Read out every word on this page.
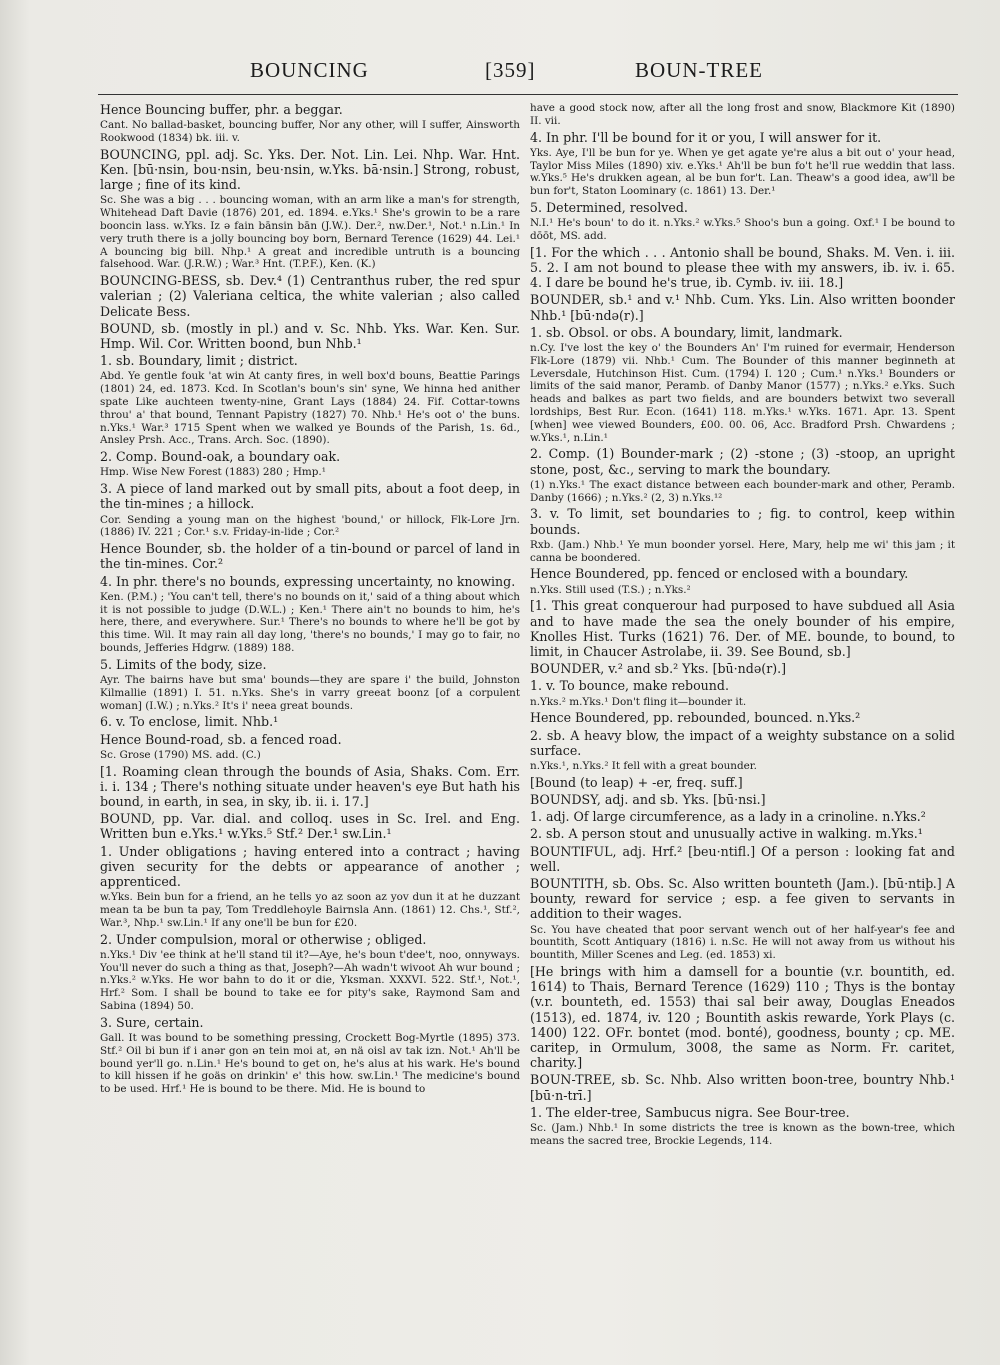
BOUNCING	[359]	BOUN-TREE

Hence Bouncing buffer, phr. a beggar.

Cant. No ballad-basket, bouncing buffer, Nor any other, will I suffer, Ainsworth Rookwood (1834) bk. iii. v.

BOUNCING, ppl. adj. Sc. Yks. Der. Not. Lin. Lei. Nhp. War. Hnt. Ken. [bū·nsin, bou·nsin, beu·nsin, w.Yks. bā·nsin.] Strong, robust, large ; fine of its kind.

Sc. She was a big . . . bouncing woman, with an arm like a man's for strength, Whitehead Daft Davie (1876) 201, ed. 1894. e.Yks.¹ She's growin to be a rare booncin lass. w.Yks. Iz ə fain bānsin bān (J.W.). Der.², nw.Der.¹, Not.¹ n.Lin.¹ In very truth there is a jolly bouncing boy born, Bernard Terence (1629) 44. Lei.¹ A bouncing big bill. Nhp.¹ A great and incredible untruth is a bouncing falsehood. War. (J.R.W.) ; War.³ Hnt. (T.P.F.), Ken. (K.)

BOUNCING-BESS, sb. Dev.⁴ (1) Centranthus ruber, the red spur valerian ; (2) Valeriana celtica, the white valerian ; also called Delicate Bess.

BOUND, sb. (mostly in pl.) and v. Sc. Nhb. Yks. War. Ken. Sur. Hmp. Wil. Cor. Written boond, bun Nhb.¹

1. sb. Boundary, limit ; district.

Abd. Ye gentle fouk 'at win At canty fires, in well box'd bouns, Beattie Parings (1801) 24, ed. 1873. Kcd. In Scotlan's boun's sin' syne, We hinna hed anither spate Like auchteen twenty-nine, Grant Lays (1884) 24. Fif. Cottar-towns throu' a' that bound, Tennant Papistry (1827) 70. Nhb.¹ He's oot o' the buns. n.Yks.¹ War.³ 1715 Spent when we walked ye Bounds of the Parish, 1s. 6d., Ansley Prsh. Acc., Trans. Arch. Soc. (1890).

2. Comp. Bound-oak, a boundary oak.

Hmp. Wise New Forest (1883) 280 ; Hmp.¹

3. A piece of land marked out by small pits, about a foot deep, in the tin-mines ; a hillock.

Cor. Sending a young man on the highest 'bound,' or hillock, Flk-Lore Jrn. (1886) IV. 221 ; Cor.¹ s.v. Friday-in-lide ; Cor.²

Hence Bounder, sb. the holder of a tin-bound or parcel of land in the tin-mines. Cor.²

4. In phr. there's no bounds, expressing uncertainty, no knowing.

Ken. (P.M.) ; 'You can't tell, there's no bounds on it,' said of a thing about which it is not possible to judge (D.W.L.) ; Ken.¹ There ain't no bounds to him, he's here, there, and everywhere. Sur.¹ There's no bounds to where he'll be got by this time. Wil. It may rain all day long, 'there's no bounds,' I may go to fair, no bounds, Jefferies Hdgrw. (1889) 188.

5. Limits of the body, size.

Ayr. The bairns have but sma' bounds—they are spare i' the build, Johnston Kilmallie (1891) I. 51. n.Yks. She's in varry greeat boonz [of a corpulent woman] (I.W.) ; n.Yks.² It's i' neea great bounds.

6. v. To enclose, limit. Nhb.¹

Hence Bound-road, sb. a fenced road.

Sc. Grose (1790) MS. add. (C.)

[1. Roaming clean through the bounds of Asia, Shaks. Com. Err. i. i. 134 ; There's nothing situate under heaven's eye But hath his bound, in earth, in sea, in sky, ib. ii. i. 17.]

BOUND, pp. Var. dial. and colloq. uses in Sc. Irel. and Eng. Written bun e.Yks.¹ w.Yks.⁵ Stf.² Der.¹ sw.Lin.¹

1. Under obligations ; having entered into a contract ; having given security for the debts or appearance of another ; apprenticed.

w.Yks. Bein bun for a friend, an he tells yo az soon az yov dun it at he duzzant mean ta be bun ta pay, Tom Treddlehoyle Bairnsla Ann. (1861) 12. Chs.¹, Stf.², War.³, Nhp.¹ sw.Lin.¹ If any one'll be bun for £20.

2. Under compulsion, moral or otherwise ; obliged.

n.Yks.¹ Div 'ee think at he'll stand til it?—Aye, he's boun t'dee't, noo, onnyways. You'll never do such a thing as that, Joseph?—Ah wadn't wivoot Ah wur bound ; n.Yks.² w.Yks. He wor bahn to do it or die, Yksman. XXXVI. 522. Stf.¹, Not.¹, Hrf.² Som. I shall be bound to take ee for pity's sake, Raymond Sam and Sabina (1894) 50.

3. Sure, certain.

Gall. It was bound to be something pressing, Crockett Bog-Myrtle (1895) 373. Stf.² Oil bi bun if i anər gon ən tein moi at, ən nä oisl av tak izn. Not.¹ Ah'll be bound yer'll go. n.Lin.¹ He's bound to get on, he's alus at his wark. He's bound to kill hissen if he goäs on drinkin' e' this how. sw.Lin.¹ The medicine's bound to be used. Hrf.¹ He is bound to be there. Mid. He is bound to

have a good stock now, after all the long frost and snow, Blackmore Kit (1890) II. vii.

4. In phr. I'll be bound for it or you, I will answer for it.

Yks. Aye, I'll be bun for ye. When ye get agate ye're alus a bit out o' your head, Taylor Miss Miles (1890) xiv. e.Yks.¹ Ah'll be bun fo't he'll rue weddin that lass. w.Yks.⁵ He's drukken agean, al be bun for't. Lan. Theaw's a good idea, aw'll be bun for't, Staton Loominary (c. 1861) 13. Der.¹

5. Determined, resolved.

N.I.¹ He's boun' to do it. n.Yks.² w.Yks.⁵ Shoo's bun a going. Oxf.¹ I be bound to dōōt, MS. add.

[1. For the which . . . Antonio shall be bound, Shaks. M. Ven. i. iii. 5. 2. I am not bound to please thee with my answers, ib. iv. i. 65. 4. I dare be bound he's true, ib. Cymb. iv. iii. 18.]

BOUNDER, sb.¹ and v.¹ Nhb. Cum. Yks. Lin. Also written boonder Nhb.¹ [bū·ndə(r).]

1. sb. Obsol. or obs. A boundary, limit, landmark.

n.Cy. I've lost the key o' the Bounders An' I'm ruined for evermair, Henderson Flk-Lore (1879) vii. Nhb.¹ Cum. The Bounder of this manner beginneth at Leversdale, Hutchinson Hist. Cum. (1794) I. 120 ; Cum.¹ n.Yks.¹ Bounders or limits of the said manor, Peramb. of Danby Manor (1577) ; n.Yks.² e.Yks. Such heads and balkes as part two fields, and are bounders betwixt two severall lordships, Best Rur. Econ. (1641) 118. m.Yks.¹ w.Yks. 1671. Apr. 13. Spent [when] wee viewed Bounders, £00. 00. 06, Acc. Bradford Prsh. Chwardens ; w.Yks.¹, n.Lin.¹

2. Comp. (1) Bounder-mark ; (2) -stone ; (3) -stoop, an upright stone, post, &c., serving to mark the boundary.

(1) n.Yks.¹ The exact distance between each bounder-mark and other, Peramb. Danby (1666) ; n.Yks.² (2, 3) n.Yks.¹²

3. v. To limit, set boundaries to ; fig. to control, keep within bounds.

Rxb. (Jam.) Nhb.¹ Ye mun boonder yorsel. Here, Mary, help me wi' this jam ; it canna be boondered.

Hence Boundered, pp. fenced or enclosed with a boundary.

n.Yks. Still used (T.S.) ; n.Yks.²

[1. This great conquerour had purposed to have subdued all Asia and to have made the sea the onely bounder of his empire, Knolles Hist. Turks (1621) 76. Der. of ME. bounde, to bound, to limit, in Chaucer Astrolabe, ii. 39. See Bound, sb.]

BOUNDER, v.² and sb.² Yks. [bū·ndə(r).]

1. v. To bounce, make rebound.

n.Yks.² m.Yks.¹ Don't fling it—bounder it.

Hence Boundered, pp. rebounded, bounced. n.Yks.²

2. sb. A heavy blow, the impact of a weighty substance on a solid surface.

n.Yks.¹, n.Yks.² It fell with a great bounder.

[Bound (to leap) + -er, freq. suff.]

BOUNDSY, adj. and sb. Yks. [bū·nsi.]

1. adj. Of large circumference, as a lady in a crinoline. n.Yks.²

2. sb. A person stout and unusually active in walking. m.Yks.¹

BOUNTIFUL, adj. Hrf.² [beu·ntifl.] Of a person : looking fat and well.

BOUNTITH, sb. Obs. Sc. Also written bounteth (Jam.). [bū·ntiþ.] A bounty, reward for service ; esp. a fee given to servants in addition to their wages.

Sc. You have cheated that poor servant wench out of her half-year's fee and bountith, Scott Antiquary (1816) i. n.Sc. He will not away from us without his bountith, Miller Scenes and Leg. (ed. 1853) xi.

[He brings with him a damsell for a bountie (v.r. bountith, ed. 1614) to Thais, Bernard Terence (1629) 110 ; Thys is the bontay (v.r. bounteth, ed. 1553) thai sal beir away, Douglas Eneados (1513), ed. 1874, iv. 120 ; Bountith askis rewarde, York Plays (c. 1400) 122. OFr. bontet (mod. bonté), goodness, bounty ; cp. ME. caritep, in Ormulum, 3008, the same as Norm. Fr. caritet, charity.]

BOUN-TREE, sb. Sc. Nhb. Also written boon-tree, bountry Nhb.¹ [bū·n-trī.]

1. The elder-tree, Sambucus nigra. See Bour-tree.

Sc. (Jam.) Nhb.¹ In some districts the tree is known as the bown-tree, which means the sacred tree, Brockie Legends, 114.
